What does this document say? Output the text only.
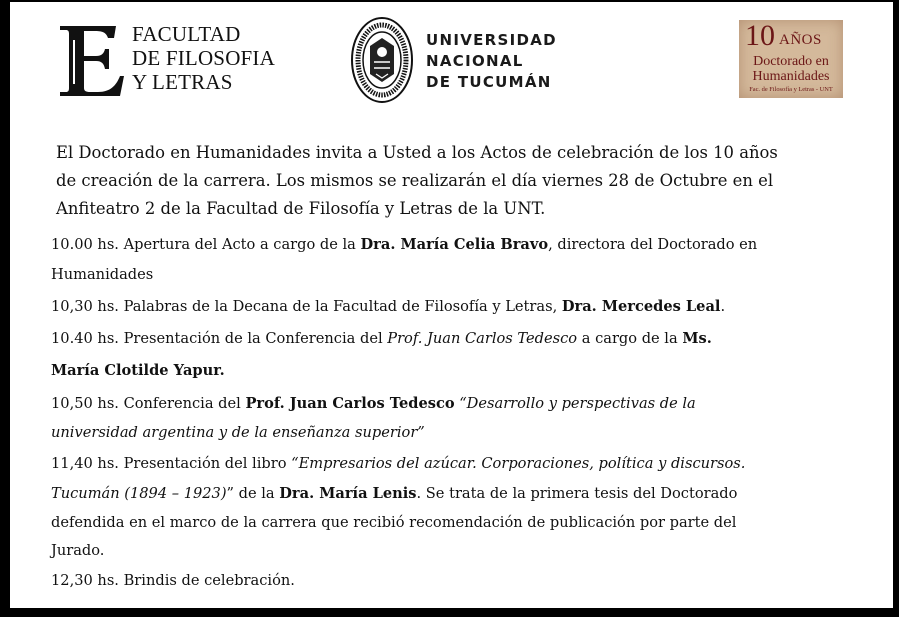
FACULTAD
DE FILOSOFIA
Y LETRAS
UNIVERSIDAD
NACIONAL
DE TUCUMÁN
10 AÑOS
Doctorado en
Humanidades
Fac. de Filosofía y Letras - UNT
El Doctorado en Humanidades invita a Usted a los Actos de celebración de los 10 años
de creación de la carrera. Los mismos se realizarán el día viernes 28 de Octubre en el
Anfiteatro 2 de la Facultad de Filosofía y Letras de la UNT.
10.00 hs. Apertura del Acto a cargo de la Dra. María Celia Bravo, directora del Doctorado en
Humanidades
10,30 hs. Palabras de la Decana de la Facultad de Filosofía y Letras, Dra. Mercedes Leal.
10.40 hs. Presentación de la Conferencia del Prof. Juan Carlos Tedesco a cargo de la Ms.
María Clotilde Yapur.
10,50 hs. Conferencia del Prof. Juan Carlos Tedesco “Desarrollo y perspectivas de la
universidad argentina y de la enseñanza superior”
11,40 hs. Presentación del libro “Empresarios del azúcar. Corporaciones, política y discursos.
Tucumán (1894 – 1923)” de la Dra. María Lenis. Se trata de la primera tesis del Doctorado
defendida en el marco de la carrera que recibió recomendación de publicación por parte del
Jurado.
12,30 hs. Brindis de celebración.
